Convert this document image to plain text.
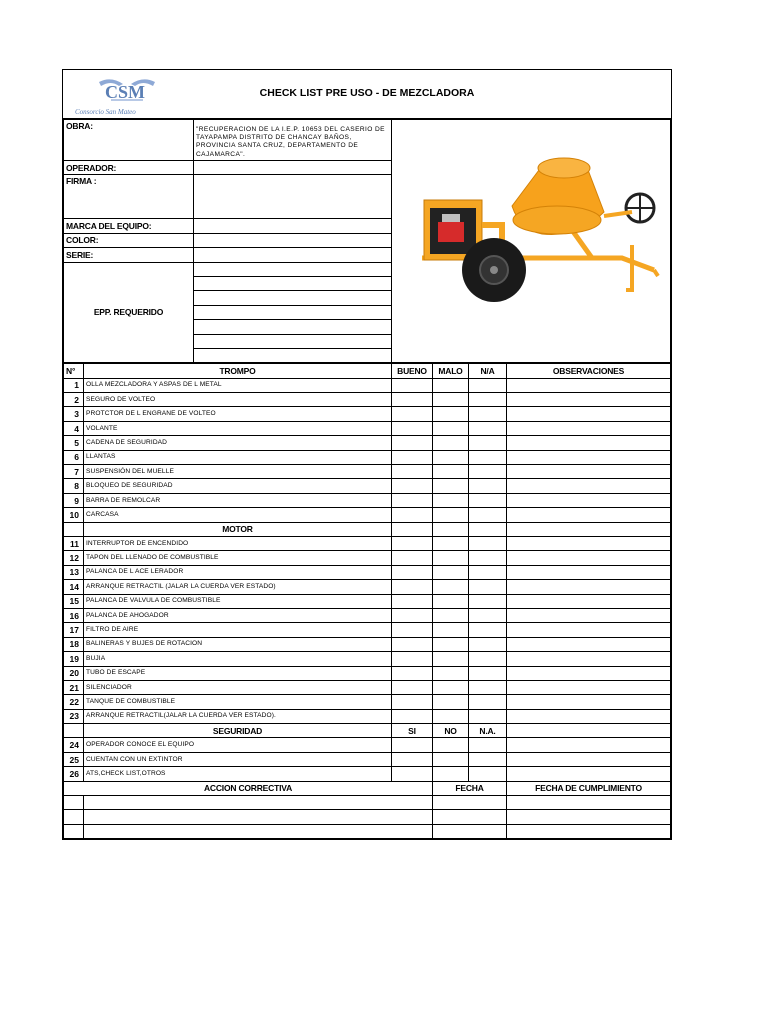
CSM
Consorcio San Mateo
CHECK LIST PRE USO - DE MEZCLADORA
OBRA:	"RECUPERACION DE LA I.E.P. 10653 DEL CASERIO DE TAYAPAMPA DISTRITO DE CHANCAY BAÑOS, PROVINCIA SANTA CRUZ, DEPARTAMENTO DE CAJAMARCA".	
OPERADOR:		
FIRMA :		
MARCA DEL EQUIPO:		
COLOR:		
SERIE:		
EPP. REQUERIDO		

N°	TROMPO	BUENO	MALO	N/A	OBSERVACIONES
1	OLLA MEZCLADORA Y ASPAS DE L METAL				
2	SEGURO DE VOLTEO				
3	PROTCTOR DE L ENGRANE DE VOLTEO				
4	VOLANTE				
5	CADENA DE SEGURIDAD				
6	LLANTAS				
7	SUSPENSIÓN DEL MUELLE				
8	BLOQUEO DE SEGURIDAD				
9	BARRA DE REMOLCAR				
10	CARCASA				
	MOTOR				
11	INTERRUPTOR DE ENCENDIDO				
12	TAPON DEL LLENADO DE COMBUSTIBLE				
13	PALANCA DE L ACE LERADOR				
14	ARRANQUE RETRACTIL (JALAR LA CUERDA VER ESTADO)				
15	PALANCA DE VALVULA DE COMBUSTIBLE				
16	PALANCA DE AHOGADOR				
17	FILTRO DE AIRE				
18	BALINERAS Y BUJES DE ROTACION				
19	BUJIA				
20	TUBO DE ESCAPE				
21	SILENCIADOR				
22	TANQUE DE COMBUSTIBLE				
23	ARRANQUE RETRACTIL(JALAR LA CUERDA VER ESTADO).				
	SEGURIDAD	SI	NO	N.A.	
24	OPERADOR CONOCE EL EQUIPO				
25	CUENTAN CON UN EXTINTOR				
26	ATS,CHECK LIST,OTROS				
ACCION CORRECTIVA			FECHA		FECHA DE CUMPLIMIENTO
